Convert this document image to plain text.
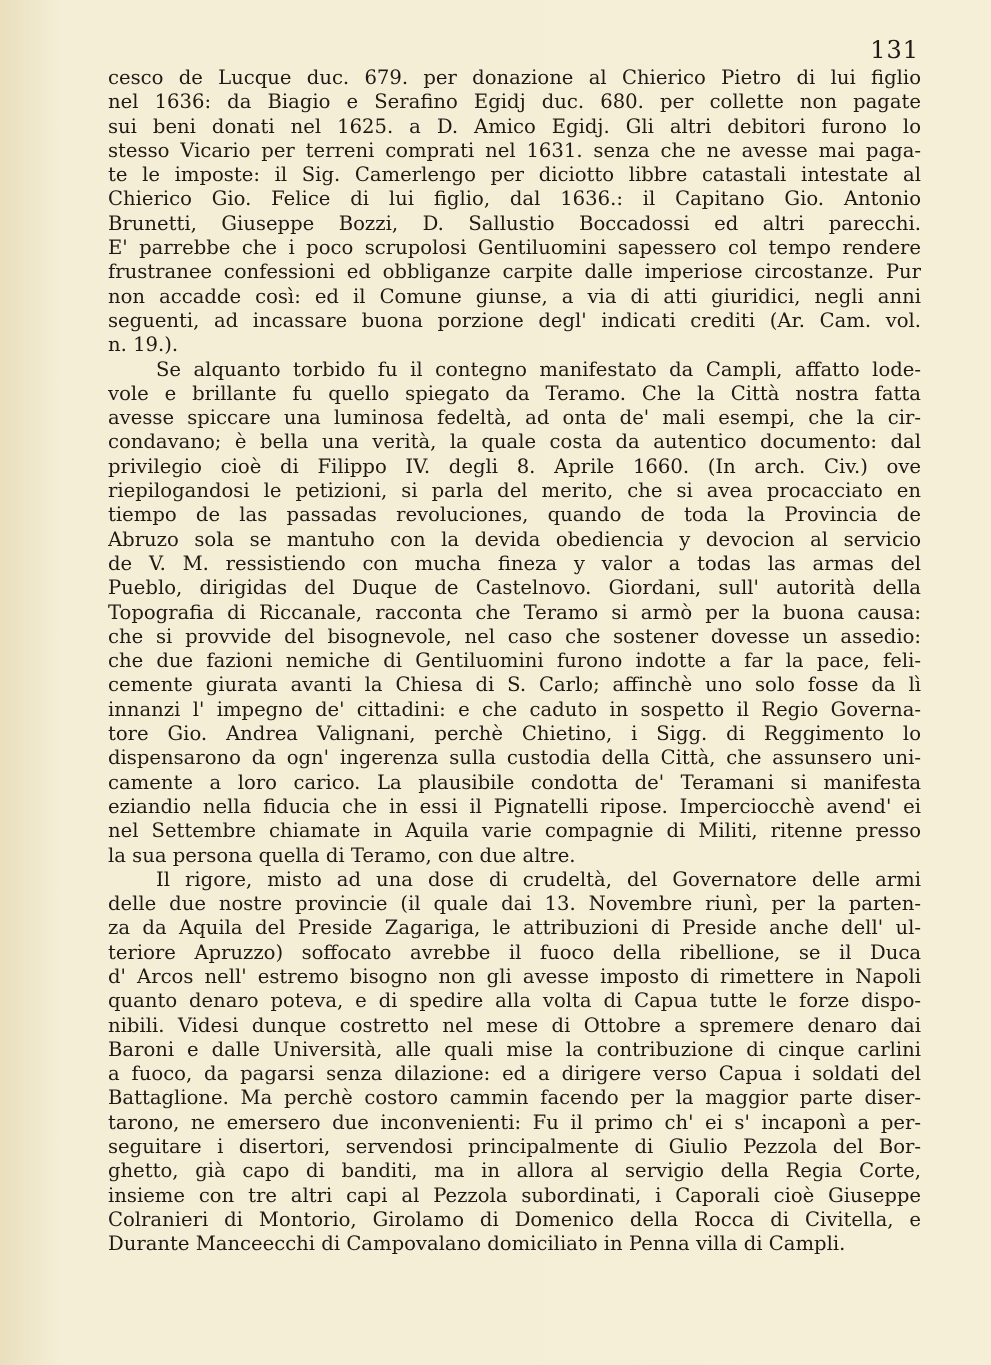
131
cesco de Lucque duc. 679. per donazione al Chierico Pietro di lui figlio
nel 1636: da Biagio e Serafino Egidj duc. 680. per collette non pagate
sui beni donati nel 1625. a D. Amico Egidj. Gli altri debitori furono lo
stesso Vicario per terreni comprati nel 1631. senza che ne avesse mai paga-
te le imposte: il Sig. Camerlengo per diciotto libbre catastali intestate al
Chierico Gio. Felice di lui figlio, dal 1636.: il Capitano Gio. Antonio
Brunetti, Giuseppe Bozzi, D. Sallustio Boccadossi ed altri parecchi.
E' parrebbe che i poco scrupolosi Gentiluomini sapessero col tempo rendere
frustranee confessioni ed obbliganze carpite dalle imperiose circostanze. Pur
non accadde così: ed il Comune giunse, a via di atti giuridici, negli anni
seguenti, ad incassare buona porzione degl' indicati crediti (Ar. Cam. vol.
n. 19.).
Se alquanto torbido fu il contegno manifestato da Campli, affatto lode-
vole e brillante fu quello spiegato da Teramo. Che la Città nostra fatta
avesse spiccare una luminosa fedeltà, ad onta de' mali esempi, che la cir-
condavano; è bella una verità, la quale costa da autentico documento: dal
privilegio cioè di Filippo IV. degli 8. Aprile 1660. (In arch. Civ.) ove
riepilogandosi le petizioni, si parla del merito, che si avea procacciato en
tiempo de las passadas revoluciones, quando de toda la Provincia de
Abruzo sola se mantuho con la devida obediencia y devocion al servicio
de V. M. ressistiendo con mucha fineza y valor a todas las armas del
Pueblo, dirigidas del Duque de Castelnovo. Giordani, sull' autorità della
Topografia di Riccanale, racconta che Teramo si armò per la buona causa:
che si provvide del bisognevole, nel caso che sostener dovesse un assedio:
che due fazioni nemiche di Gentiluomini furono indotte a far la pace, feli-
cemente giurata avanti la Chiesa di S. Carlo; affinchè uno solo fosse da lì
innanzi l' impegno de' cittadini: e che caduto in sospetto il Regio Governa-
tore Gio. Andrea Valignani, perchè Chietino, i Sigg. di Reggimento lo
dispensarono da ogn' ingerenza sulla custodia della Città, che assunsero uni-
camente a loro carico. La plausibile condotta de' Teramani si manifesta
eziandio nella fiducia che in essi il Pignatelli ripose. Imperciocchè avend' ei
nel Settembre chiamate in Aquila varie compagnie di Militi, ritenne presso
la sua persona quella di Teramo, con due altre.
Il rigore, misto ad una dose di crudeltà, del Governatore delle armi
delle due nostre provincie (il quale dai 13. Novembre riunì, per la parten-
za da Aquila del Preside Zagariga, le attribuzioni di Preside anche dell' ul-
teriore Apruzzo) soffocato avrebbe il fuoco della ribellione, se il Duca
d' Arcos nell' estremo bisogno non gli avesse imposto di rimettere in Napoli
quanto denaro poteva, e di spedire alla volta di Capua tutte le forze dispo-
nibili. Videsi dunque costretto nel mese di Ottobre a spremere denaro dai
Baroni e dalle Università, alle quali mise la contribuzione di cinque carlini
a fuoco, da pagarsi senza dilazione: ed a dirigere verso Capua i soldati del
Battaglione. Ma perchè costoro cammin facendo per la maggior parte diser-
tarono, ne emersero due inconvenienti: Fu il primo ch' ei s' incaponì a per-
seguitare i disertori, servendosi principalmente di Giulio Pezzola del Bor-
ghetto, già capo di banditi, ma in allora al servigio della Regia Corte,
insieme con tre altri capi al Pezzola subordinati, i Caporali cioè Giuseppe
Colranieri di Montorio, Girolamo di Domenico della Rocca di Civitella, e
Durante Manceecchi di Campovalano domiciliato in Penna villa di Campli.
